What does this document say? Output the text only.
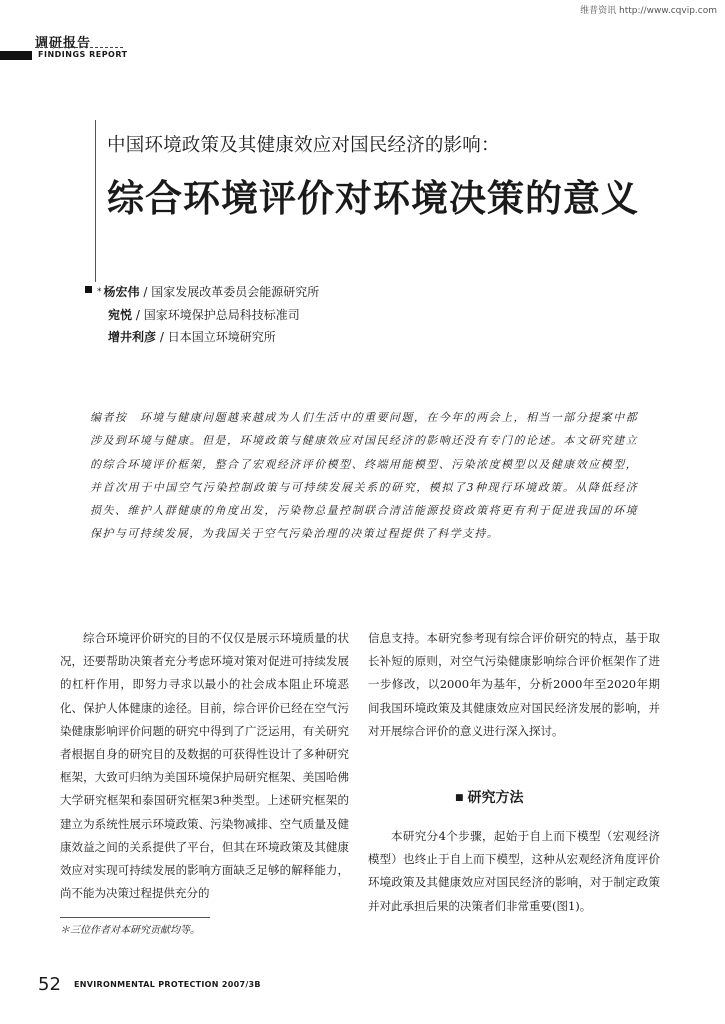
维普资讯 http://www.cqvip.com
调研报告
FINDINGS REPORT
中国环境政策及其健康效应对国民经济的影响：
综合环境评价对环境决策的意义
* 杨宏伟 / 国家发展改革委员会能源研究所
宛悦 / 国家环境保护总局科技标准司
增井利彦 / 日本国立环境研究所
编者按　环境与健康问题越来越成为人们生活中的重要问题，在今年的两会上，相当一部分提案中都涉及到环境与健康。但是，环境政策与健康效应对国民经济的影响还没有专门的论述。本文研究建立的综合环境评价框架，整合了宏观经济评价模型、终端用能模型、污染浓度模型以及健康效应模型，并首次用于中国空气污染控制政策与可持续发展关系的研究，模拟了3种现行环境政策。从降低经济损失、维护人群健康的角度出发，污染物总量控制联合清洁能源投资政策将更有利于促进我国的环境保护与可持续发展，为我国关于空气污染治理的决策过程提供了科学支持。
综合环境评价研究的目的不仅仅是展示环境质量的状况，还要帮助决策者充分考虑环境对策对促进可持续发展的杠杆作用，即努力寻求以最小的社会成本阻止环境恶化、保护人体健康的途径。目前，综合评价已经在空气污染健康影响评价问题的研究中得到了广泛运用，有关研究者根据自身的研究目的及数据的可获得性设计了多种研究框架，大致可归纳为美国环境保护局研究框架、美国哈佛大学研究框架和泰国研究框架3种类型。上述研究框架的建立为系统性展示环境政策、污染物减排、空气质量及健康效益之间的关系提供了平台，但其在环境政策及其健康效应对实现可持续发展的影响方面缺乏足够的解释能力，尚不能为决策过程提供充分的
信息支持。本研究参考现有综合评价研究的特点，基于取长补短的原则，对空气污染健康影响综合评价框架作了进一步修改，以2000年为基年，分析2000年至2020年期间我国环境政策及其健康效应对国民经济发展的影响，并对开展综合评价的意义进行深入探讨。
■ 研究方法
本研究分4个步骤，起始于自上而下模型（宏观经济模型）也终止于自上而下模型，这种从宏观经济角度评价环境政策及其健康效应对国民经济的影响，对于制定政策并对此承担后果的决策者们非常重要(图1)。
＊三位作者对本研究贡献均等。
52 ENVIRONMENTAL PROTECTION 2007/3B
